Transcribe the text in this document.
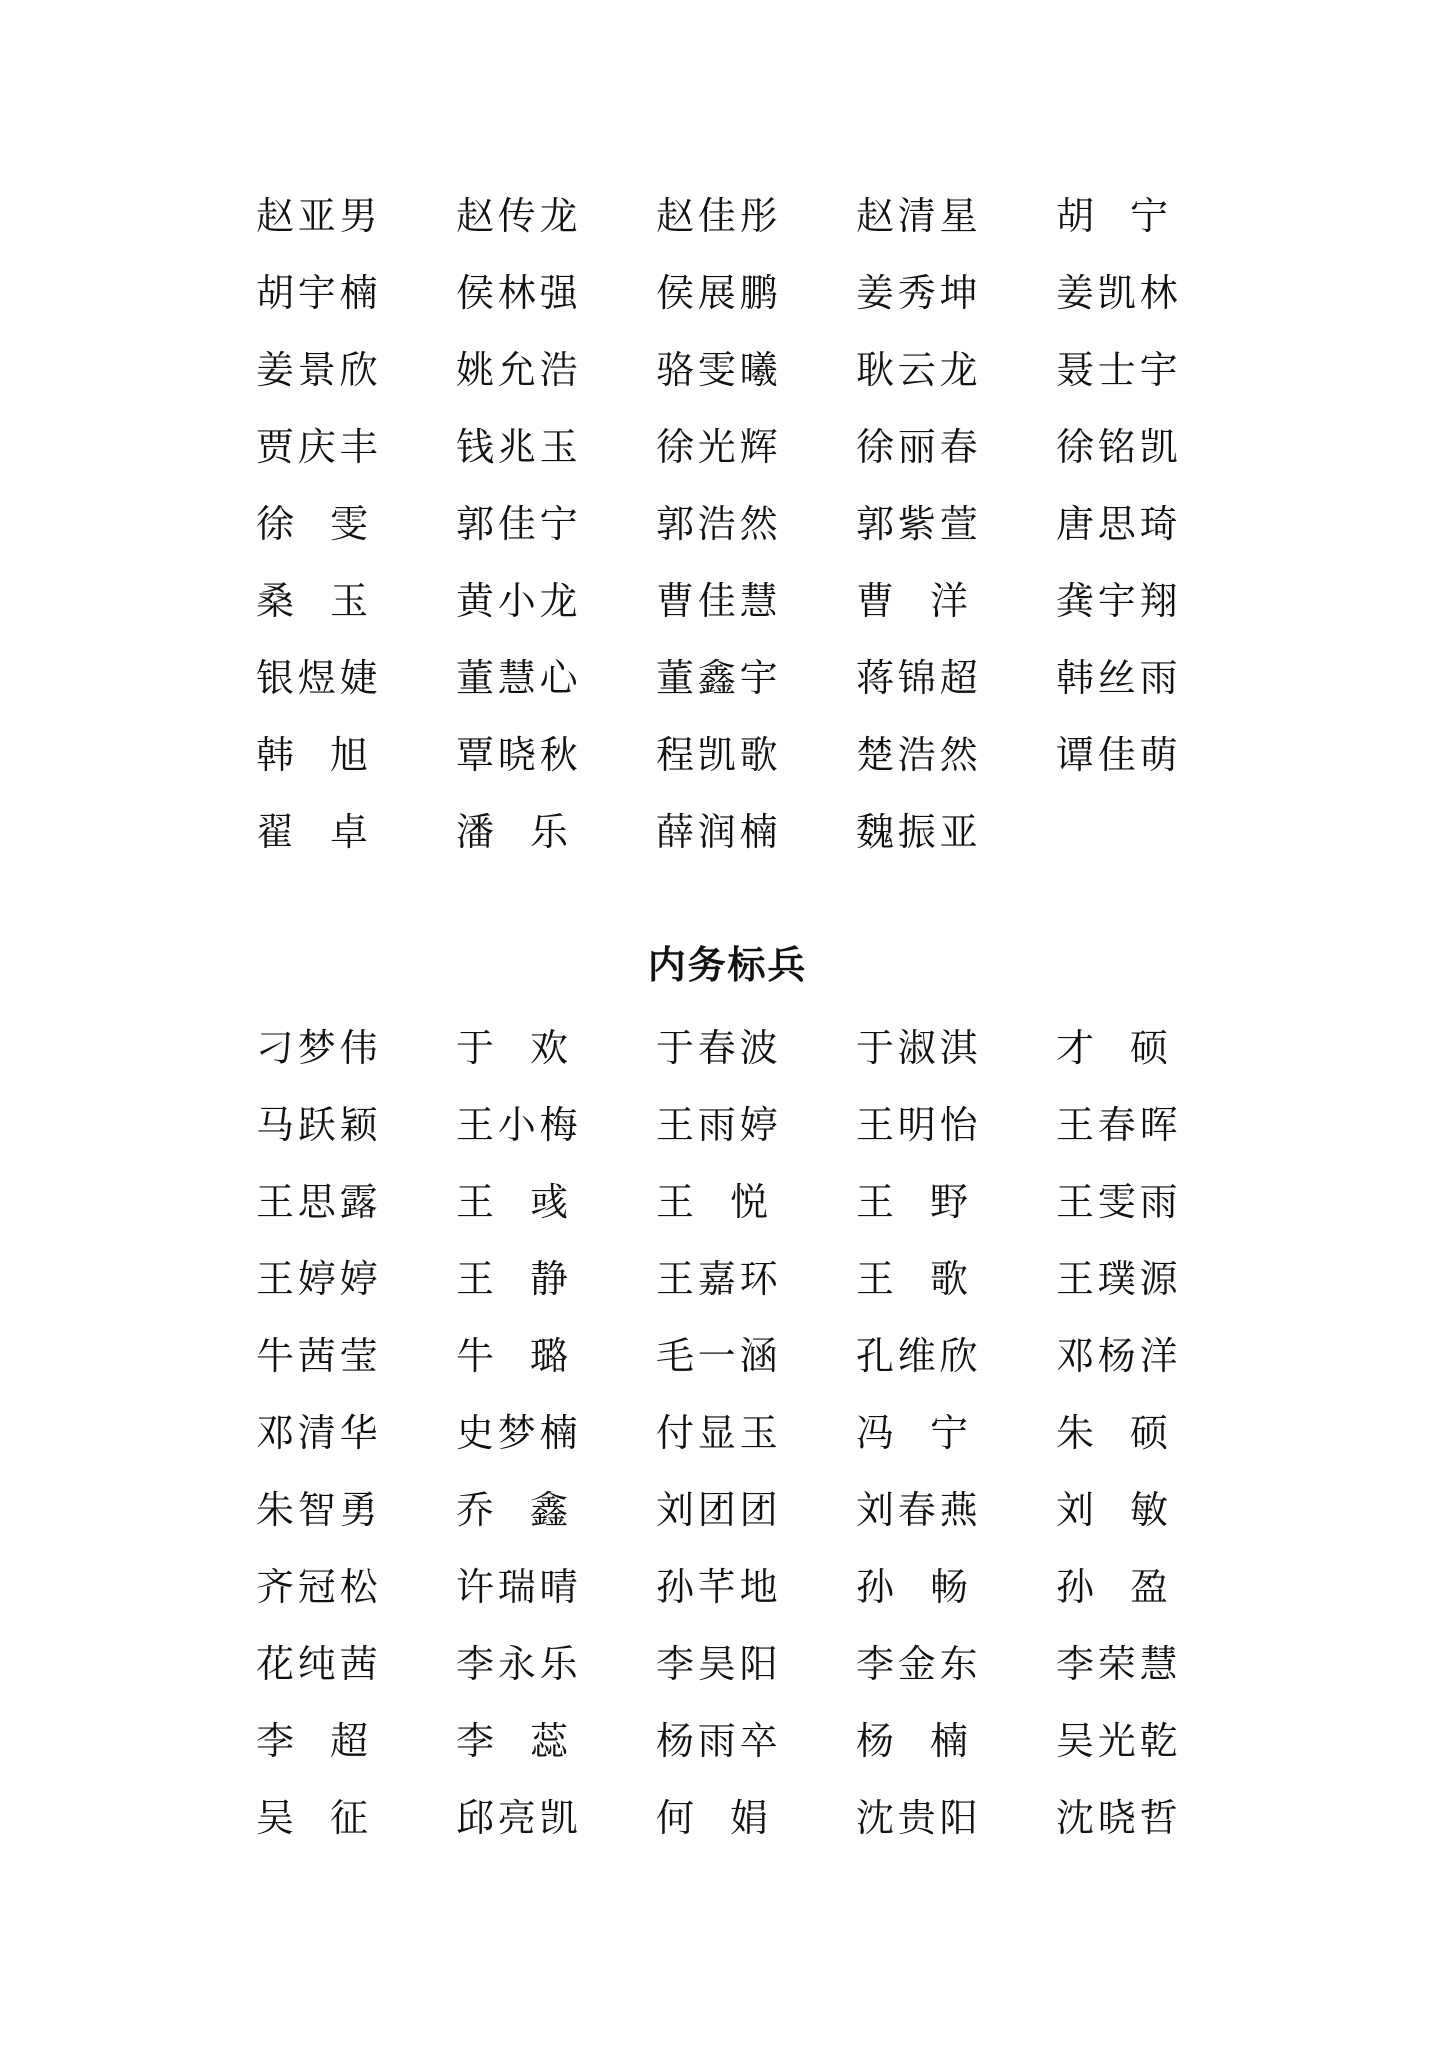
赵亚男 赵传龙 赵佳彤 赵清星 胡 宁
胡宇楠 侯林强 侯展鹏 姜秀坤 姜凯林
姜景欣 姚允浩 骆雯曦 耿云龙 聂士宇
贾庆丰 钱兆玉 徐光辉 徐丽春 徐铭凯
徐 雯 郭佳宁 郭浩然 郭紫萱 唐思琦
桑 玉 黄小龙 曹佳慧 曹 洋 龚宇翔
银煜婕 董慧心 董鑫宇 蒋锦超 韩丝雨
韩 旭 覃晓秋 程凯歌 楚浩然 谭佳萌
翟 卓 潘 乐 薛润楠 魏振亚
内务标兵
刁梦伟 于 欢 于春波 于淑淇 才 硕
马跃颖 王小梅 王雨婷 王明怡 王春晖
王思露 王 彧 王 悦 王 野 王雯雨
王婷婷 王 静 王嘉环 王 歌 王璞源
牛茜莹 牛 璐 毛一涵 孔维欣 邓杨洋
邓清华 史梦楠 付显玉 冯 宁 朱 硕
朱智勇 乔 鑫 刘团团 刘春燕 刘 敏
齐冠松 许瑞晴 孙芊地 孙 畅 孙 盈
花纯茜 李永乐 李昊阳 李金东 李荣慧
李 超 李 蕊 杨雨卒 杨 楠 吴光乾
吴 征 邱亮凯 何 娟 沈贵阳 沈晓哲
